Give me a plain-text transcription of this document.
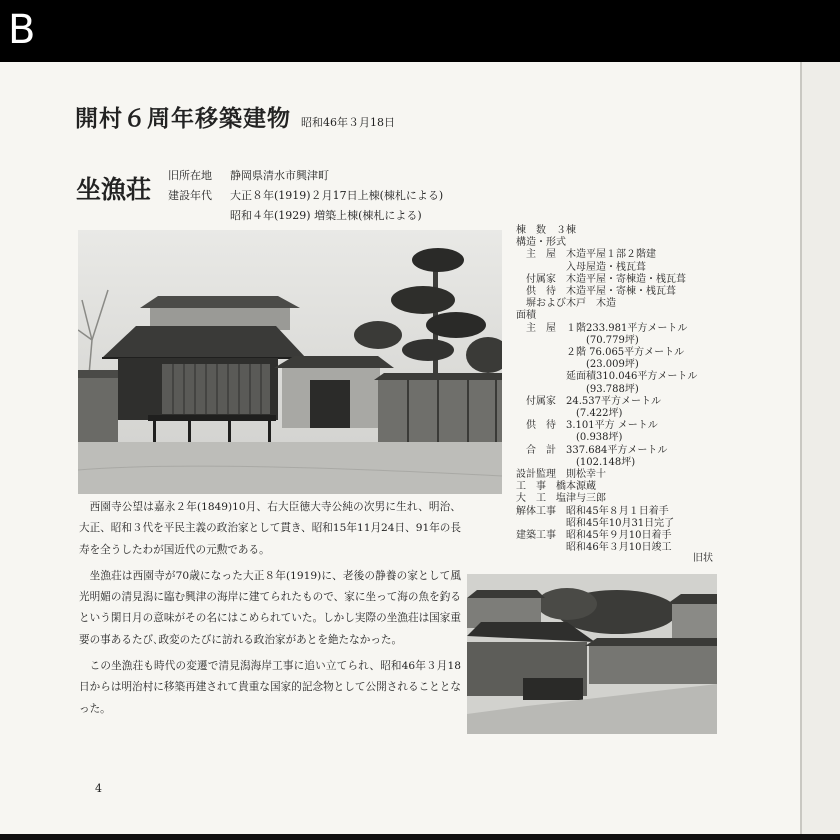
B
開村６周年移築建物 昭和46年３月18日
坐漁荘 旧所在地	静岡県清水市興津町
建設年代	大正８年(1919)２月17日上棟(棟札による)
昭和４年(1929) 増築上棟(棟札による)
棟　数　３棟
構造・形式
　主　屋　木造平屋１部２階建
　　　　　入母屋造・桟瓦葺
　付属家　木造平屋・寄棟造・桟瓦葺
　供　待　木造平屋・寄棟・桟瓦葺
　塀および木戸　木造
面積
　主　屋　１階233.981平方メートル
　　　　　　　(70.779坪)
　　　　　２階 76.065平方メートル
　　　　　　　(23.009坪)
　　　　　延面積310.046平方メートル
　　　　　　　(93.788坪)
　付属家　24.537平方メートル
　　　　　　(7.422坪)
　供　待　3.101平方 メートル
　　　　　　(0.938坪)
　合　計　337.684平方メートル
　　　　　　(102.148坪)
設計監理　則松幸十
工　事　橋本源蔵
大　工　塩津与三郎
解体工事　昭和45年８月１日着手
　　　　　昭和45年10月31日完了
建築工事　昭和45年９月10日着手
　　　　　昭和46年３月10日竣工
旧状

西園寺公望は嘉永２年(1849)10月、右大臣徳大寺公純の次男に生れ、明治、大正、昭和３代を平民主義の政治家として貫き、昭和15年11月24日、91年の長寿を全うしたわが国近代の元勲である。

坐漁荘は西園寺が70歳になった大正８年(1919)に、老後の静養の家として風光明媚の清見潟に臨む興津の海岸に建てられたもので、家に坐って海の魚を釣るという閑日月の意味がその名にはこめられていた。しかし実際の坐漁荘は国家重要の事あるたび､政変のたびに訪れる政治家があとを絶たなかった。

この坐漁荘も時代の変遷で清見潟海岸工事に追い立てられ、昭和46年３月18日からは明治村に移築再建されて貴重な国家的記念物として公開されることとなった。

4
